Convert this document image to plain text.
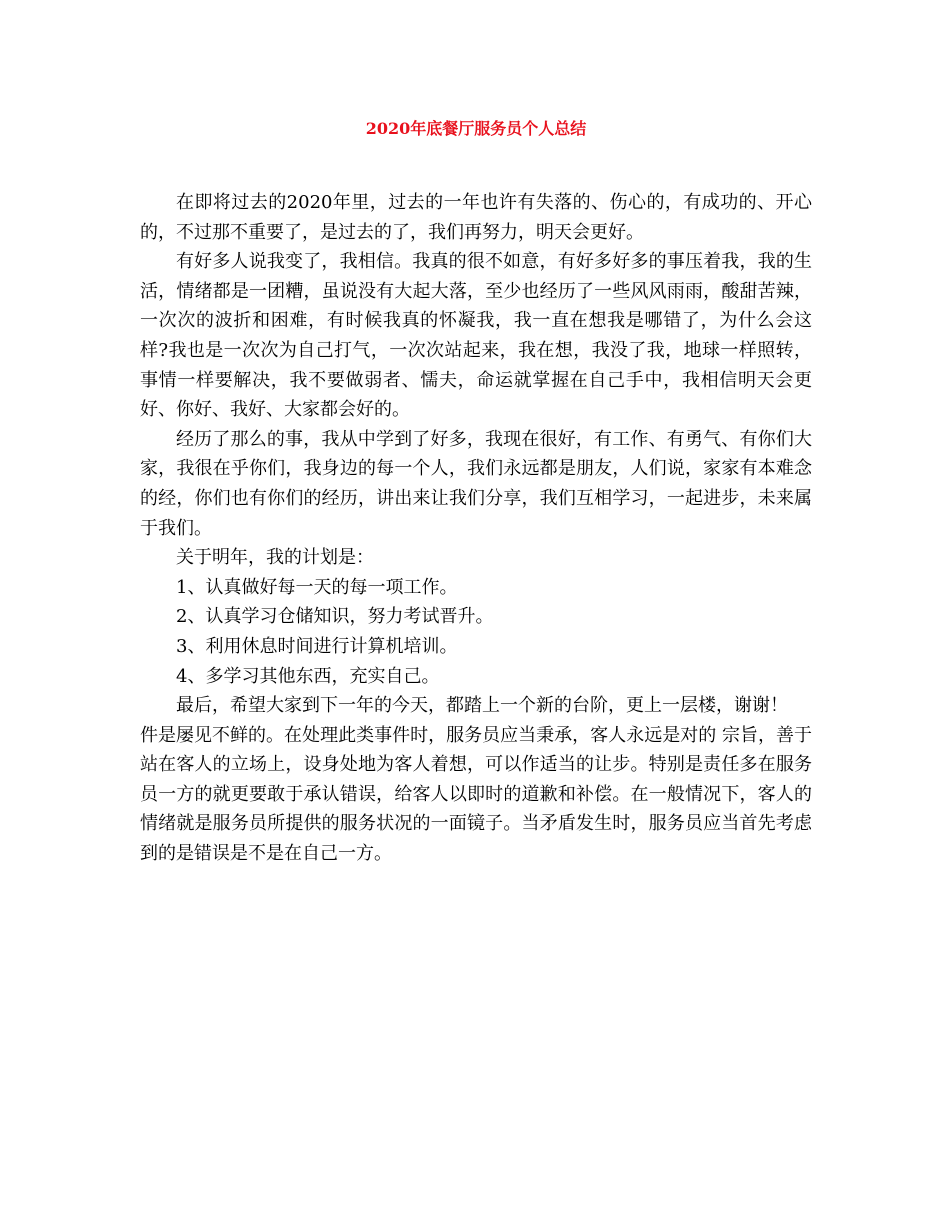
2020年底餐厅服务员个人总结

在即将过去的2020年里，过去的一年也许有失落的、伤心的，有成功的、开心的，不过那不重要了，是过去的了，我们再努力，明天会更好。

有好多人说我变了，我相信。我真的很不如意，有好多好多的事压着我，我的生活，情绪都是一团糟，虽说没有大起大落，至少也经历了一些风风雨雨，酸甜苦辣，一次次的波折和困难，有时候我真的怀凝我，我一直在想我是哪错了，为什么会这样?我也是一次次为自己打气，一次次站起来，我在想，我没了我，地球一样照转，事情一样要解决，我不要做弱者、懦夫，命运就掌握在自己手中，我相信明天会更好、你好、我好、大家都会好的。

经历了那么的事，我从中学到了好多，我现在很好，有工作、有勇气、有你们大家，我很在乎你们，我身边的每一个人，我们永远都是朋友，人们说，家家有本难念的经，你们也有你们的经历，讲出来让我们分享，我们互相学习，一起进步，未来属于我们。

关于明年，我的计划是：

1、认真做好每一天的每一项工作。

2、认真学习仓储知识，努力考试晋升。

3、利用休息时间进行计算机培训。

4、多学习其他东西，充实自己。

最后，希望大家到下一年的今天，都踏上一个新的台阶，更上一层楼，谢谢！

件是屡见不鲜的。在处理此类事件时，服务员应当秉承，客人永远是对的 宗旨，善于站在客人的立场上，设身处地为客人着想，可以作适当的让步。特别是责任多在服务员一方的就更要敢于承认错误，给客人以即时的道歉和补偿。在一般情况下，客人的情绪就是服务员所提供的服务状况的一面镜子。当矛盾发生时，服务员应当首先考虑到的是错误是不是在自己一方。
